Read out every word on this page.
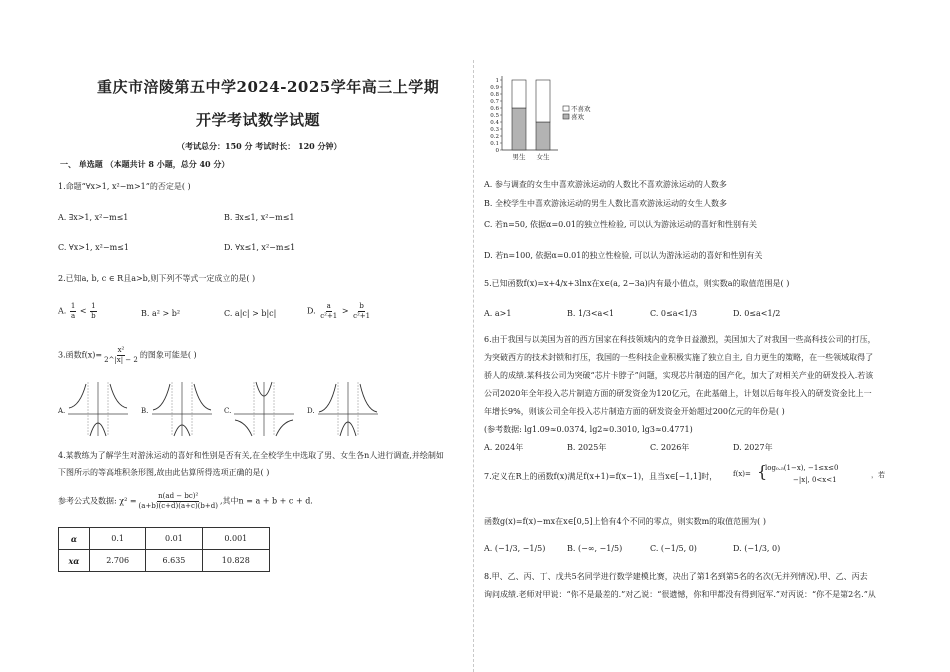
重庆市涪陵第五中学2024-2025学年高三上学期
开学考试数学试题
（考试总分：150 分 考试时长： 120 分钟）
一、 单选题 （本题共计 8 小题，总分 40 分）
1.命题“∀x>1, x²−m>1”的否定是( )
A. ∃x>1, x²−m≤1	B. ∃x≤1, x²−m≤1
C. ∀x>1, x²−m≤1	D. ∀x≤1, x²−m≤1
2.已知a, b, c ∈ R且a>b,则下列不等式一定成立的是( )
A. $\frac{1}{a} < \frac{1}{b}$	B. a² > b²	C. a|c| > b|c|	D. $\frac{a}{\text{c²+1}} > \frac{b}{\text{c²+1}}$
3.函数$f(x)= \frac{\text{x²}}{2\^{}|x| - 2}$ 的图象可能是( )
A.	B.	C.	D.
4.某教练为了解学生对游泳运动的喜好和性别是否有关,在全校学生中选取了男、女生各n人进行调查,并绘制如
下图所示的等高堆积条形图,故由此估算所得选项正确的是( )
参考公式及数据: $\chi^2 = \frac{\text{n(ad − bc)²}}{(a+b)(c+d)(a+c)(b+d)}$ ,其中n = a + b + c + d.
α	0.1	0.01	0.001
xα	2.706	6.635	10.828
0
0.1
0.2
0.3
0.4
0.5
0.6
0.7
0.8
0.9
1
男生 女生
不喜欢
喜欢
A. 参与调查的女生中喜欢游泳运动的人数比不喜欢游泳运动的人数多
B. 全校学生中喜欢游泳运动的男生人数比喜欢游泳运动的女生人数多
C. 若n=50, 依据α=0.01的独立性检验, 可以认为游泳运动的喜好和性别有关
D. 若n=100, 依据α=0.01的独立性检验, 可以认为游泳运动的喜好和性别有关
5.已知函数f(x)=x+4/x+3lnx在x∈(a, 2−3a)内有最小值点，则实数a的取值范围是( )
A. a>1	B. 1/3<a<1	C. 0≤a<1/3	D. 0≤a<1/2
6.由于我国与以美国为首的西方国家在科技领域内的竞争日益激烈，美国加大了对我国一些高科技公司的打压，
为突破西方的技术封锁和打压，我国的一些科技企业积极实施了独立自主, 自力更生的策略，在一些领域取得了
骄人的成绩.某科技公司为突破“芯片卡脖子”问题，实现芯片制造的国产化，加大了对相关产业的研发投入.若该
公司2020年全年投入芯片制造方面的研发资金为120亿元，在此基础上，计划以后每年投入的研发资金比上一
年增长9%，则该公司全年投入芯片制造方面的研发资金开始超过200亿元的年份是( )
(参考数据: lg1.09≈0.0374, lg2≈0.3010, lg3≈0.4771)
A. 2024年	B. 2025年	C. 2026年	D. 2027年
7.定义在R上的函数f(x)满足f(x+1)=f(x−1)，且当x∈[−1,1]时， f(x)= {
log₀.₅(1−x), −1≤x≤0
−|x|, 0<x<1
，若
函数g(x)=f(x)−mx在x∈[0,5]上恰有4个不同的零点，则实数m的取值范围为( )
A. (−1/3, −1/5)	B. (−∞, −1/5)	C. (−1/5, 0)	D. (−1/3, 0)
8.甲、乙、丙、丁、戊共5名同学进行数学建模比赛，决出了第1名到第5名的名次(无并列情况).甲、乙、丙去
询问成绩.老师对甲说：“你不是最差的.”对乙说：“很遗憾，你和甲都没有得到冠军.”对丙说：“你不是第2名.”从
